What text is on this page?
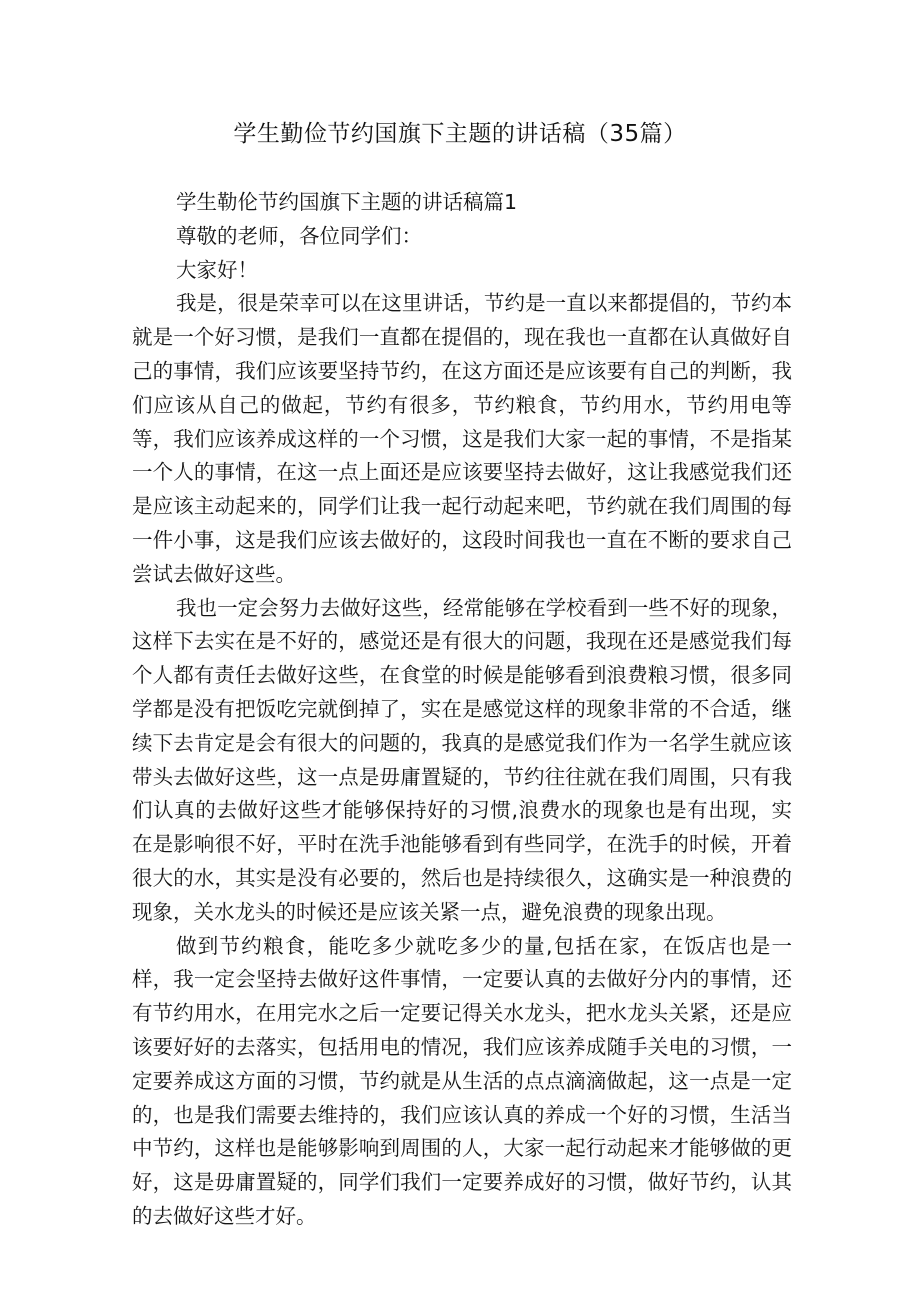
学生勤俭节约国旗下主题的讲话稿（35篇）

学生勒伦节约国旗下主题的讲话稿篇1

尊敬的老师，各位同学们：

大家好！

我是，很是荣幸可以在这里讲话，节约是一直以来都提倡的，节约本就是一个好习惯，是我们一直都在提倡的，现在我也一直都在认真做好自己的事情，我们应该要坚持节约，在这方面还是应该要有自己的判断，我们应该从自己的做起，节约有很多，节约粮食，节约用水，节约用电等等，我们应该养成这样的一个习惯，这是我们大家一起的事情，不是指某一个人的事情，在这一点上面还是应该要坚持去做好，这让我感觉我们还是应该主动起来的，同学们让我一起行动起来吧，节约就在我们周围的每一件小事，这是我们应该去做好的，这段时间我也一直在不断的要求自己尝试去做好这些。

我也一定会努力去做好这些，经常能够在学校看到一些不好的现象，这样下去实在是不好的，感觉还是有很大的问题，我现在还是感觉我们每个人都有责任去做好这些，在食堂的时候是能够看到浪费粮习惯，很多同学都是没有把饭吃完就倒掉了，实在是感觉这样的现象非常的不合适，继续下去肯定是会有很大的问题的，我真的是感觉我们作为一名学生就应该带头去做好这些，这一点是毋庸置疑的，节约往往就在我们周围，只有我们认真的去做好这些才能够保持好的习惯,浪费水的现象也是有出现，实在是影响很不好，平时在洗手池能够看到有些同学，在洗手的时候，开着很大的水，其实是没有必要的，然后也是持续很久，这确实是一种浪费的现象，关水龙头的时候还是应该关紧一点，避免浪费的现象出现。

做到节约粮食，能吃多少就吃多少的量,包括在家，在饭店也是一样，我一定会坚持去做好这件事情，一定要认真的去做好分内的事情，还有节约用水，在用完水之后一定要记得关水龙头，把水龙头关紧，还是应该要好好的去落实，包括用电的情况，我们应该养成随手关电的习惯，一定要养成这方面的习惯，节约就是从生活的点点滴滴做起，这一点是一定的，也是我们需要去维持的，我们应该认真的养成一个好的习惯，生活当中节约，这样也是能够影响到周围的人，大家一起行动起来才能够做的更好，这是毋庸置疑的，同学们我们一定要养成好的习惯，做好节约，认其的去做好这些才好。
